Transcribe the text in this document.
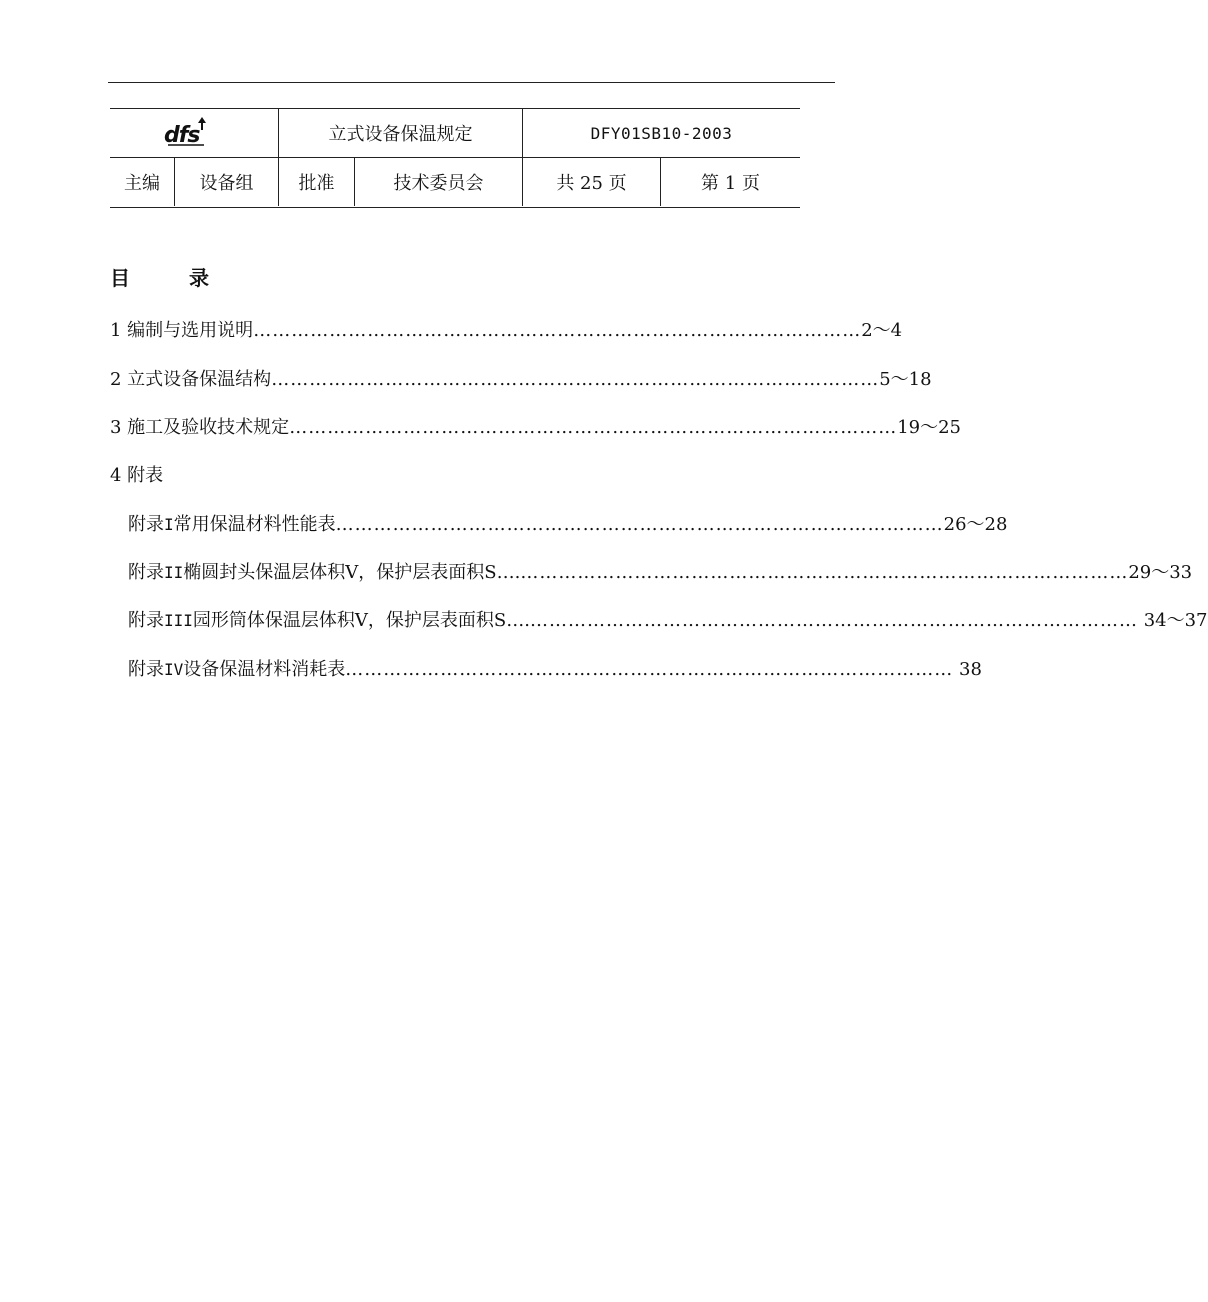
dfs	立式设备保温规定	DFY01SB10-2003
主编	设备组	批准	技术委员会	共 25 页	第 1 页
目 录
1 编制与选用说明 …………………………………………………………………………………… 2～4
2 立式设备保温结构 …………………………………………………………………………………… 5～18
3 施工及验收技术规定 …………………………………………………………………………………… 19～25
4 附表
附录 I 常用保温材料性能表 …………………………………………………………………………………… 26～28
附录 II 椭圆封头保温层体积V，保护层表面积S…. …………………………………………………………………………………… 29～33
附录 III 园形筒体保温层体积V，保护层表面积S…. …………………………………………………………………………………… 34～37
附录 IV 设备保温材料消耗表 …………………………………………………………………………………… 38
